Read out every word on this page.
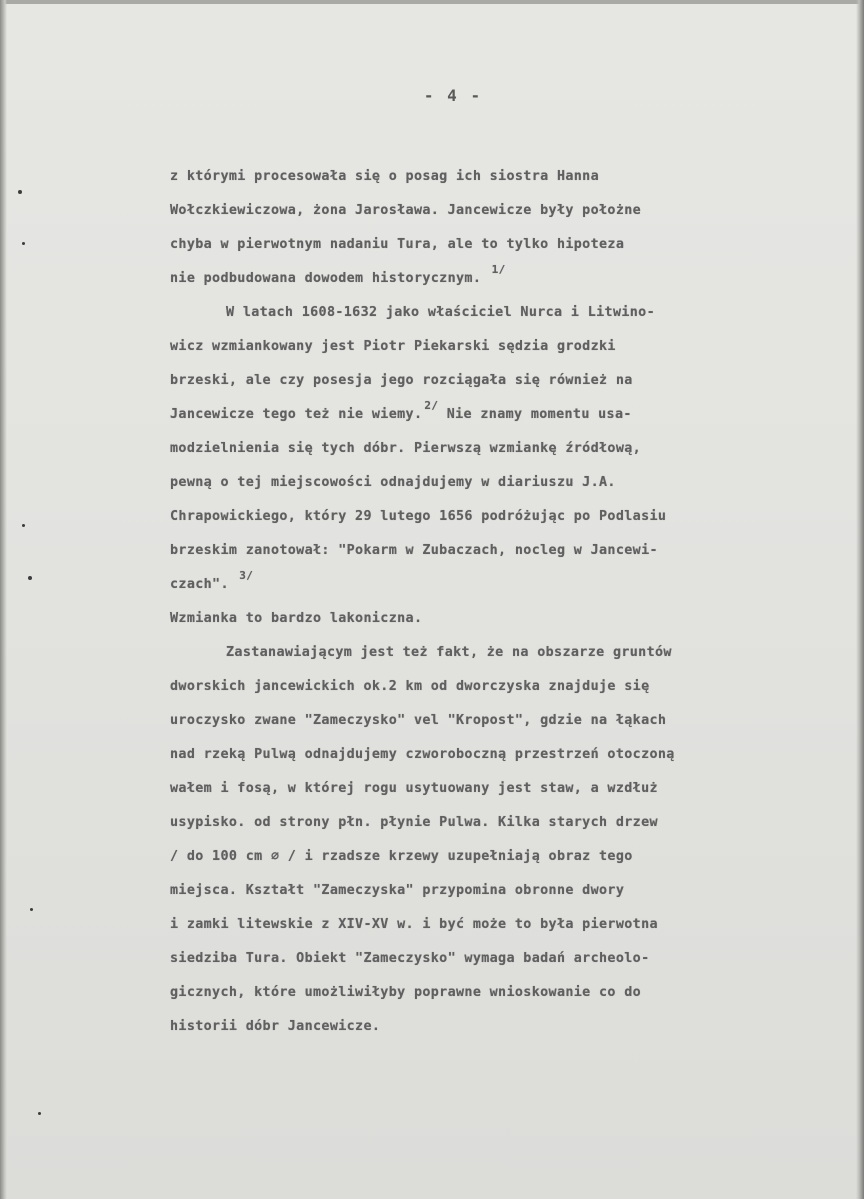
- 4 -
z którymi procesowała się o posag ich siostra Hanna
Wołczkiewiczowa, żona Jarosława. Jancewicze były położne
chyba w pierwotnym nadaniu Tura, ale to tylko hipoteza
nie podbudowana dowodem historycznym. $^{1/}$
W latach 1608-1632 jako właściciel Nurca i Litwino-
wicz wzmiankowany jest Piotr Piekarski sędzia grodzki
brzeski, ale czy posesja jego rozciągała się również na
Jancewicze tego też nie wiemy.$^{2/}$ Nie znamy momentu usa-
modzielnienia się tych dóbr. Pierwszą wzmiankę źródłową,
pewną o tej miejscowości odnajdujemy w diariuszu J.A.
Chrapowickiego, który 29 lutego 1656 podróżując po Podlasiu
brzeskim zanotował: "Pokarm w Zubaczach, nocleg w Jancewi-
czach". $^{3/}$
Wzmianka to bardzo lakoniczna.
Zastanawiającym jest też fakt, że na obszarze gruntów
dworskich jancewickich ok.2 km od dworczyska znajduje się
uroczysko zwane "Zameczysko" vel "Kropost", gdzie na łąkach
nad rzeką Pulwą odnajdujemy czworoboczną przestrzeń otoczoną
wałem i fosą, w której rogu usytuowany jest staw, a wzdłuż
usypisko. od strony płn. płynie Pulwa. Kilka starych drzew
/ do 100 cm ∅ / i rzadsze krzewy uzupełniają obraz tego
miejsca. Kształt "Zameczyska" przypomina obronne dwory
i zamki litewskie z XIV-XV w. i być może to była pierwotna
siedziba Tura. Obiekt "Zameczysko" wymaga badań archeolo-
gicznych, które umożliwiłyby poprawne wnioskowanie co do
historii dóbr Jancewicze.
